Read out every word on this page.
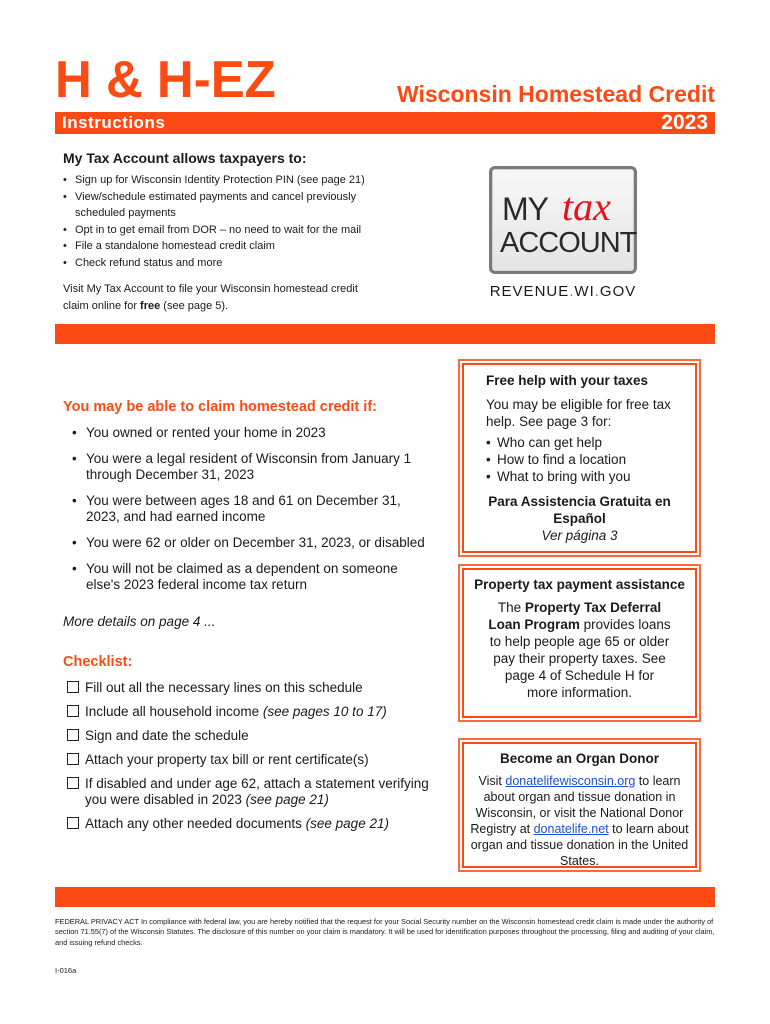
H & H-EZ	Wisconsin Homestead Credit
Instructions	2023
My Tax Account allows taxpayers to:
• Sign up for Wisconsin Identity Protection PIN (see page 21)
• View/schedule estimated payments and cancel previously scheduled payments
• Opt in to get email from DOR – no need to wait for the mail
• File a standalone homestead credit claim
• Check refund status and more
Visit My Tax Account to file your Wisconsin homestead credit claim online for free (see page 5).
MY tax
ACCOUNT
REVENUE.WI.GOV
You may be able to claim homestead credit if:
• You owned or rented your home in 2023
• You were a legal resident of Wisconsin from January 1 through December 31, 2023
• You were between ages 18 and 61 on December 31, 2023, and had earned income
• You were 62 or older on December 31, 2023, or disabled
• You will not be claimed as a dependent on someone else's 2023 federal income tax return
More details on page 4 ...
Checklist:
Fill out all the necessary lines on this schedule
Include all household income (see pages 10 to 17)
Sign and date the schedule
Attach your property tax bill or rent certificate(s)
If disabled and under age 62, attach a statement verifying you were disabled in 2023 (see page 21)
Attach any other needed documents (see page 21)
Free help with your taxes
You may be eligible for free tax help. See page 3 for:
• Who can get help
• How to find a location
• What to bring with you
Para Assistencia Gratuita en Español
Ver página 3
Property tax payment assistance
The Property Tax Deferral Loan Program provides loans to help people age 65 or older pay their property taxes. See page 4 of Schedule H for more information.
Become an Organ Donor
Visit donatelifewisconsin.org to learn about organ and tissue donation in Wisconsin, or visit the National Donor Registry at donatelife.net to learn about organ and tissue donation in the United States.
FEDERAL PRIVACY ACT In compliance with federal law, you are hereby notified that the request for your Social Security number on the Wisconsin homestead credit claim is made under the authority of section 71.55(7) of the Wisconsin Statutes. The disclosure of this number on your claim is mandatory. It will be used for identification purposes throughout the processing, filing and auditing of your claim, and issuing refund checks.
I-016a
